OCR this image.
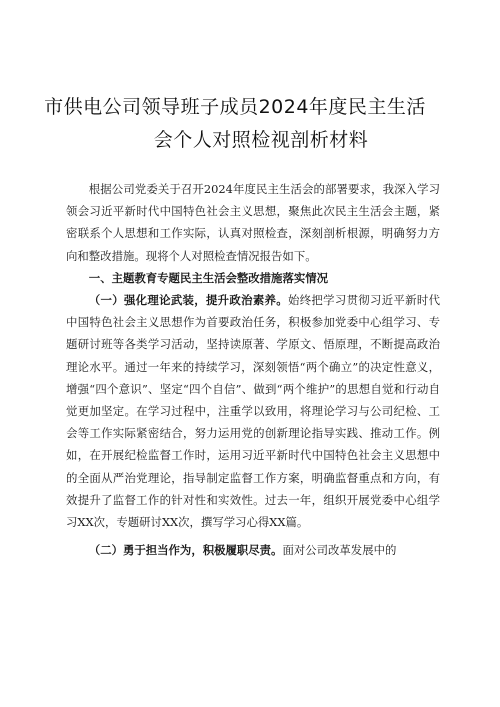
市供电公司领导班子成员2024年度民主生活
会个人对照检视剖析材料

根据公司党委关于召开2024年度民主生活会的部署要求，我深入学习领会习近平新时代中国特色社会主义思想，聚焦此次民主生活会主题，紧密联系个人思想和工作实际，认真对照检查，深刻剖析根源，明确努力方向和整改措施。现将个人对照检查情况报告如下。

一、主题教育专题民主生活会整改措施落实情况

（一）强化理论武装，提升政治素养。始终把学习贯彻习近平新时代中国特色社会主义思想作为首要政治任务，积极参加党委中心组学习、专题研讨班等各类学习活动，坚持读原著、学原文、悟原理，不断提高政治理论水平。通过一年来的持续学习，深刻领悟“两个确立”的决定性意义，增强“四个意识”、坚定“四个自信”、做到“两个维护”的思想自觉和行动自觉更加坚定。在学习过程中，注重学以致用，将理论学习与公司纪检、工会等工作实际紧密结合，努力运用党的创新理论指导实践、推动工作。例如，在开展纪检监督工作时，运用习近平新时代中国特色社会主义思想中的全面从严治党理论，指导制定监督工作方案，明确监督重点和方向，有效提升了监督工作的针对性和实效性。过去一年，组织开展党委中心组学习XX次，专题研讨XX次，撰写学习心得XX篇。

（二）勇于担当作为，积极履职尽责。面对公司改革发展中的
